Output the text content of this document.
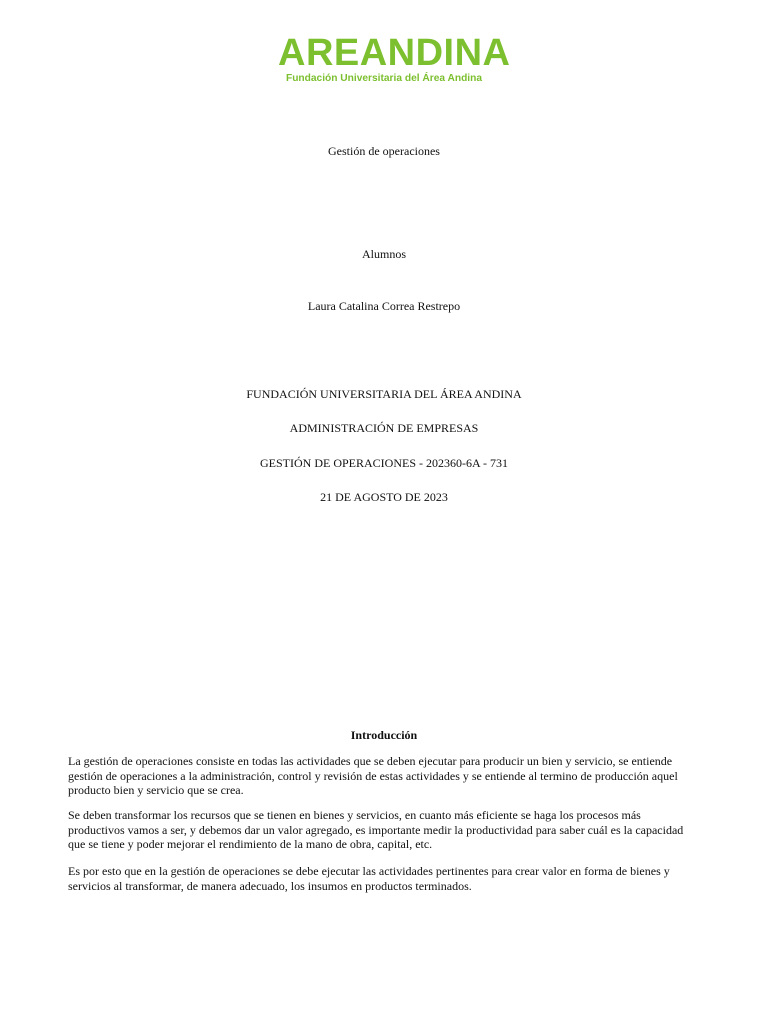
AREANDINA
Fundación Universitaria del Área Andina
Gestión de operaciones
Alumnos
Laura Catalina Correa Restrepo
FUNDACIÓN UNIVERSITARIA DEL ÁREA ANDINA
ADMINISTRACIÓN DE EMPRESAS
GESTIÓN DE OPERACIONES - 202360-6A - 731
21 DE AGOSTO DE 2023
Introducción

La gestión de operaciones consiste en todas las actividades que se deben ejecutar para producir un bien y servicio, se entiende gestión de operaciones a la administración, control y revisión de estas actividades y se entiende al termino de producción aquel producto bien y servicio que se crea.

Se deben transformar los recursos que se tienen en bienes y servicios, en cuanto más eficiente se haga los procesos más productivos vamos a ser, y debemos dar un valor agregado, es importante medir la productividad para saber cuál es la capacidad que se tiene y poder mejorar el rendimiento de la mano de obra, capital, etc.

Es por esto que en la gestión de operaciones se debe ejecutar las actividades pertinentes para crear valor en forma de bienes y servicios al transformar, de manera adecuado, los insumos en productos terminados.
